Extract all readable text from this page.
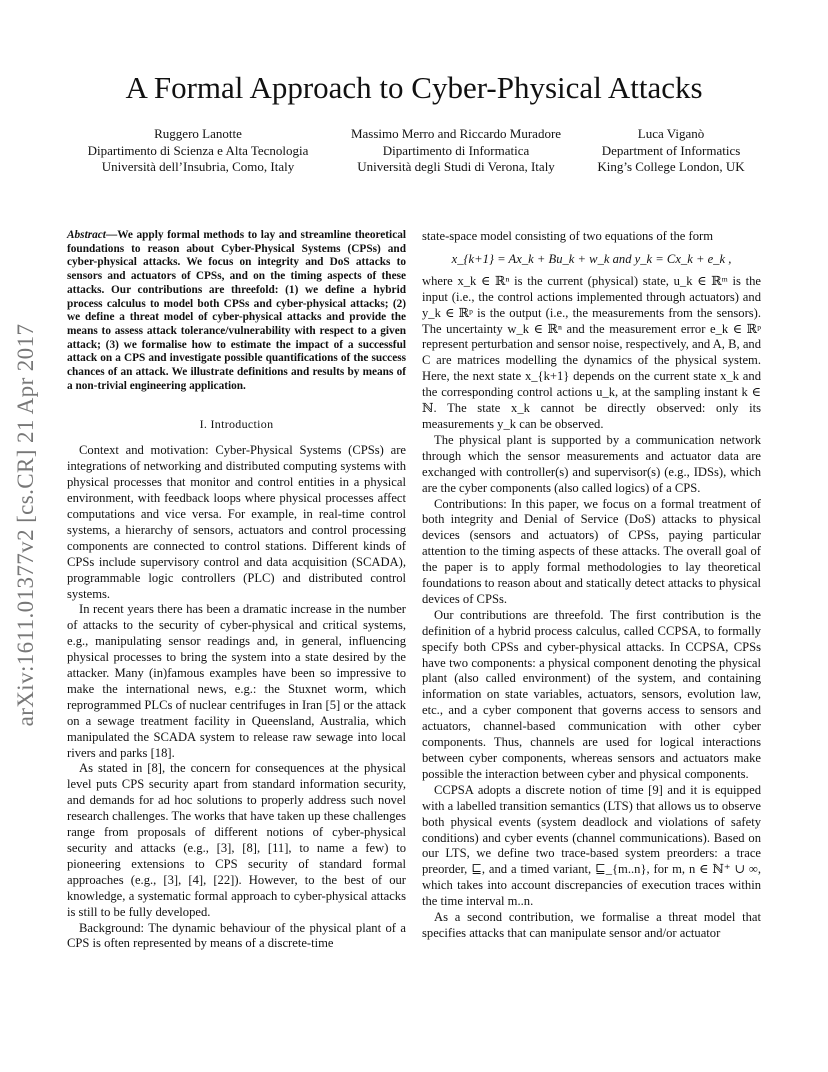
A Formal Approach to Cyber-Physical Attacks
Ruggero Lanotte
Dipartimento di Scienza e Alta Tecnologia
Università dell’Insubria, Como, Italy
Massimo Merro and Riccardo Muradore
Dipartimento di Informatica
Università degli Studi di Verona, Italy
Luca Viganò
Department of Informatics
King’s College London, UK
arXiv:1611.01377v2 [cs.CR] 21 Apr 2017
Abstract—We apply formal methods to lay and streamline theoretical foundations to reason about Cyber-Physical Systems (CPSs) and cyber-physical attacks. We focus on integrity and DoS attacks to sensors and actuators of CPSs, and on the timing aspects of these attacks. Our contributions are threefold: (1) we define a hybrid process calculus to model both CPSs and cyber-physical attacks; (2) we define a threat model of cyber-physical attacks and provide the means to assess attack tolerance/vulnerability with respect to a given attack; (3) we formalise how to estimate the impact of a successful attack on a CPS and investigate possible quantifications of the success chances of an attack. We illustrate definitions and results by means of a non-trivial engineering application.
I. Introduction

Context and motivation: Cyber-Physical Systems (CPSs) are integrations of networking and distributed computing systems with physical processes that monitor and control entities in a physical environment, with feedback loops where physical processes affect computations and vice versa. For example, in real-time control systems, a hierarchy of sensors, actuators and control processing components are connected to control stations. Different kinds of CPSs include supervisory control and data acquisition (SCADA), programmable logic controllers (PLC) and distributed control systems.

In recent years there has been a dramatic increase in the number of attacks to the security of cyber-physical and critical systems, e.g., manipulating sensor readings and, in general, influencing physical processes to bring the system into a state desired by the attacker. Many (in)famous examples have been so impressive to make the international news, e.g.: the Stuxnet worm, which reprogrammed PLCs of nuclear centrifuges in Iran [5] or the attack on a sewage treatment facility in Queensland, Australia, which manipulated the SCADA system to release raw sewage into local rivers and parks [18].

As stated in [8], the concern for consequences at the physical level puts CPS security apart from standard information security, and demands for ad hoc solutions to properly address such novel research challenges. The works that have taken up these challenges range from proposals of different notions of cyber-physical security and attacks (e.g., [3], [8], [11], to name a few) to pioneering extensions to CPS security of standard formal approaches (e.g., [3], [4], [22]). However, to the best of our knowledge, a systematic formal approach to cyber-physical attacks is still to be fully developed.

Background: The dynamic behaviour of the physical plant of a CPS is often represented by means of a discrete-time

state-space model consisting of two equations of the form

x_{k+1} = Ax_k + Bu_k + w_k and y_k = Cx_k + e_k ,

where x_k ∈ ℝⁿ is the current (physical) state, u_k ∈ ℝᵐ is the input (i.e., the control actions implemented through actuators) and y_k ∈ ℝᵖ is the output (i.e., the measurements from the sensors). The uncertainty w_k ∈ ℝⁿ and the measurement error e_k ∈ ℝᵖ represent perturbation and sensor noise, respectively, and A, B, and C are matrices modelling the dynamics of the physical system. Here, the next state x_{k+1} depends on the current state x_k and the corresponding control actions u_k, at the sampling instant k ∈ ℕ. The state x_k cannot be directly observed: only its measurements y_k can be observed.

The physical plant is supported by a communication network through which the sensor measurements and actuator data are exchanged with controller(s) and supervisor(s) (e.g., IDSs), which are the cyber components (also called logics) of a CPS.

Contributions: In this paper, we focus on a formal treatment of both integrity and Denial of Service (DoS) attacks to physical devices (sensors and actuators) of CPSs, paying particular attention to the timing aspects of these attacks. The overall goal of the paper is to apply formal methodologies to lay theoretical foundations to reason about and statically detect attacks to physical devices of CPSs.

Our contributions are threefold. The first contribution is the definition of a hybrid process calculus, called CCPSA, to formally specify both CPSs and cyber-physical attacks. In CCPSA, CPSs have two components: a physical component denoting the physical plant (also called environment) of the system, and containing information on state variables, actuators, sensors, evolution law, etc., and a cyber component that governs access to sensors and actuators, channel-based communication with other cyber components. Thus, channels are used for logical interactions between cyber components, whereas sensors and actuators make possible the interaction between cyber and physical components.

CCPSA adopts a discrete notion of time [9] and it is equipped with a labelled transition semantics (LTS) that allows us to observe both physical events (system deadlock and violations of safety conditions) and cyber events (channel communications). Based on our LTS, we define two trace-based system preorders: a trace preorder, ⊑, and a timed variant, ⊑_{m..n}, for m, n ∈ ℕ⁺ ∪ ∞, which takes into account discrepancies of execution traces within the time interval m..n.

As a second contribution, we formalise a threat model that specifies attacks that can manipulate sensor and/or actuator
